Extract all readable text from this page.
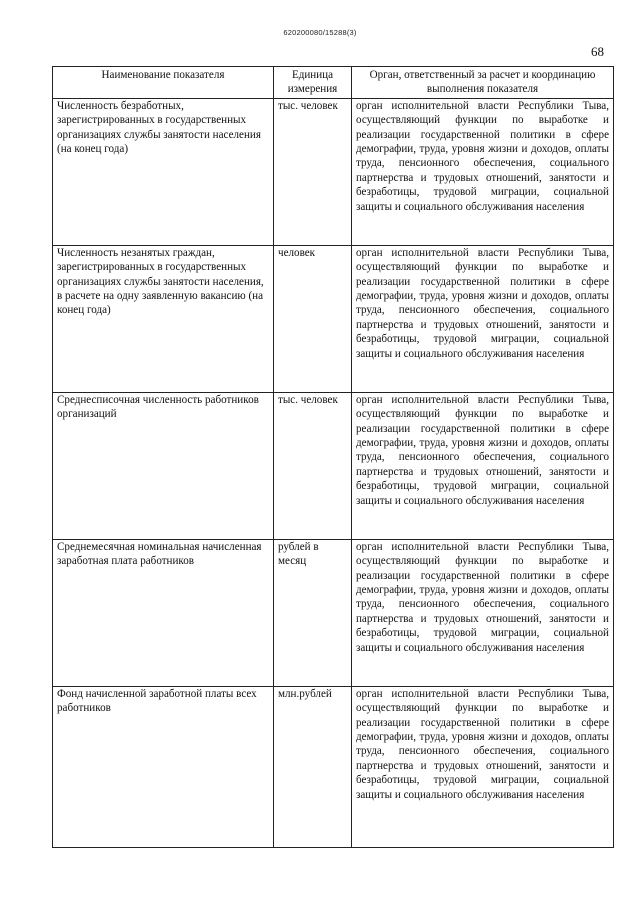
620200080/15288(3)
68
Наименование показателя	Единица измерения	Орган, ответственный за расчет и координацию выполнения показателя
Численность безработных, зарегистрированных в государственных организациях службы занятости населения (на конец года)	тыс. человек	орган исполнительной власти Республики Тыва, осуществляющий функции по выработке и реализации государственной политики в сфере демографии, труда, уровня жизни и доходов, оплаты труда, пенсионного обеспечения, социального партнерства и трудовых отношений, занятости и безработицы, трудовой миграции, социальной защиты и социального обслуживания населения

Численность незанятых граждан, зарегистрированных в государственных организациях службы занятости населения, в расчете на одну заявленную вакансию (на конец года)	человек	орган исполнительной власти Республики Тыва, осуществляющий функции по выработке и реализации государственной политики в сфере демографии, труда, уровня жизни и доходов, оплаты труда, пенсионного обеспечения, социального партнерства и трудовых отношений, занятости и безработицы, трудовой миграции, социальной защиты и социального обслуживания населения

Среднесписочная численность работников организаций	тыс. человек	орган исполнительной власти Республики Тыва, осуществляющий функции по выработке и реализации государственной политики в сфере демографии, труда, уровня жизни и доходов, оплаты труда, пенсионного обеспечения, социального партнерства и трудовых отношений, занятости и безработицы, трудовой миграции, социальной защиты и социального обслуживания населения

Среднемесячная номинальная начисленная заработная плата работников	рублей в месяц	орган исполнительной власти Республики Тыва, осуществляющий функции по выработке и реализации государственной политики в сфере демографии, труда, уровня жизни и доходов, оплаты труда, пенсионного обеспечения, социального партнерства и трудовых отношений, занятости и безработицы, трудовой миграции, социальной защиты и социального обслуживания населения

Фонд начисленной заработной платы всех работников	млн.рублей	орган исполнительной власти Республики Тыва, осуществляющий функции по выработке и реализации государственной политики в сфере демографии, труда, уровня жизни и доходов, оплаты труда, пенсионного обеспечения, социального партнерства и трудовых отношений, занятости и безработицы, трудовой миграции, социальной защиты и социального обслуживания населения
